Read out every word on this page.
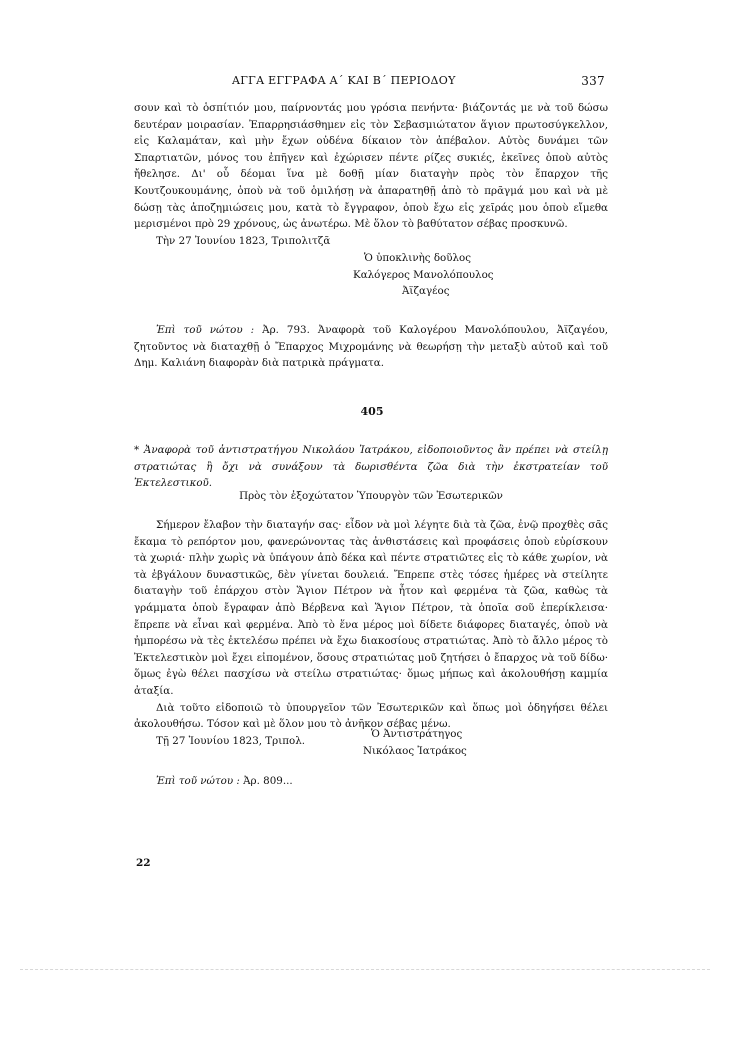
ΑΓΓΑ ΕΓΓΡΑΦΑ Α΄ ΚΑΙ Β΄ ΠΕΡΙΟΔΟΥ	337

σουν καὶ τὸ ὁσπίτιόν μου, παίρνοντάς μου γρόσια πενήντα· βιάζοντάς με νὰ τοῦ δώσω δευτέραν μοιρασίαν. Ἐπαρρησιάσθημεν εἰς τὸν Σεβασμιώτατον ἅγιον πρωτοσύγκελλον, εἰς Καλαμάταν, καὶ μὴν ἔχων οὐδένα δίκαιον τὸν ἀπέβαλον. Αὐτὸς δυνάμει τῶν Σπαρτιατῶν, μόνος του ἐπῆγεν καὶ ἐχώρισεν πέντε ρίζες συκιές, ἐκεῖνες ὁποὺ αὐτὸς ἤθελησε. Δι' οὗ δέομαι ἵνα μὲ δοθῇ μίαν διαταγὴν πρὸς τὸν ἔπαρχον τῆς Κουτζουκουμάνης, ὁποὺ νὰ τοῦ ὁμιλήσῃ νὰ ἀπαρατηθῇ ἀπὸ τὸ πρᾶγμά μου καὶ νὰ μὲ δώσῃ τὰς ἀποζημιώσεις μου, κατὰ τὸ ἔγγραφον, ὁποὺ ἔχω εἰς χεῖράς μου ὁποὺ εἴμεθα μερισμένοι πρὸ 29 χρόνους, ὡς ἀνωτέρω. Μὲ ὅλον τὸ βαθύτατον σέβας προσκυνῶ.

Τὴν 27 Ἰουνίου 1823, Τριπολιτζᾶ

Ὁ ὑποκλινὴς δοῦλος
Καλόγερος Μανολόπουλος
Ἀϊζαγέος

Ἐπὶ τοῦ νώτου : Ἀρ. 793. Ἀναφορὰ τοῦ Καλογέρου Μανολόπουλου, Ἀϊζαγέου, ζητοῦντος νὰ διαταχθῇ ὁ Ἔπαρχος Μιχρομάνης νὰ θεωρήσῃ τὴν μεταξὺ αὐτοῦ καὶ τοῦ Δημ. Καλιάνη διαφορὰν διὰ πατρικὰ πράγματα.

405

* Ἀναφορὰ τοῦ ἀντιστρατήγου Νικολάου Ἰατράκου, εἰδοποιοῦντος ἂν πρέπει νὰ στείλῃ στρατιώτας ἢ ὄχι νὰ συνάξουν τὰ δωρισθέντα ζῶα διὰ τὴν ἐκστρατείαν τοῦ Ἐκτελεστικοῦ.

Πρὸς τὸν ἐξοχώτατον Ὑπουργὸν τῶν Ἐσωτερικῶν

Σήμερον ἔλαβον τὴν διαταγήν σας· εἶδον νὰ μοὶ λέγητε διὰ τὰ ζῶα, ἐνῷ προχθὲς σᾶς ἔκαμα τὸ ρεπόρτον μου, φανερώνοντας τὰς ἀνθιστάσεις καὶ προφάσεις ὁποὺ εὑρίσκουν τὰ χωριά· πλὴν χωρὶς νὰ ὑπάγουν ἀπὸ δέκα καὶ πέντε στρατιῶτες εἰς τὸ κάθε χωρίον, νὰ τὰ ἐβγάλουν δυναστικῶς, δὲν γίνεται δουλειά. Ἔπρεπε στὲς τόσες ἡμέρες νὰ στείλητε διαταγὴν τοῦ ἐπάρχου στὸν Ἅγιον Πέτρον νὰ ἦτον καὶ φερμένα τὰ ζῶα, καθὼς τὰ γράμματα ὁποὺ ἔγραφαν ἀπὸ Βέρβενα καὶ Ἅγιον Πέτρον, τὰ ὁποῖα σοῦ ἐπερίκλεισα· ἔπρεπε νὰ εἶναι καὶ φερμένα. Ἀπὸ τὸ ἕνα μέρος μοὶ δίδετε διάφορες διαταγές, ὁποὺ νὰ ἠμπορέσω νὰ τὲς ἐκτελέσω πρέπει νὰ ἔχω διακοσίους στρατιώτας. Ἀπὸ τὸ ἄλλο μέρος τὸ Ἐκτελεστικὸν μοὶ ἔχει εἰπομένον, ὅσους στρατιώτας μοῦ ζητήσει ὁ ἔπαρχος νὰ τοῦ δίδω· ὅμως ἐγὼ θέλει πασχίσω νὰ στείλω στρατιώτας· ὅμως μήπως καὶ ἀκολουθήσῃ καμμία ἀταξία.

Διὰ τοῦτο εἰδοποιῶ τὸ ὑπουργεῖον τῶν Ἐσωτερικῶν καὶ ὅπως μοὶ ὁδηγήσει θέλει ἀκολουθήσω. Τόσον καὶ μὲ ὅλον μου τὸ ἀνῆκον σέβας μένω.

Τῇ 27 Ἰουνίου 1823, Τριπολ.

Ὁ Ἀντιστράτηγος
Νικόλαος Ἰατράκος

Ἐπὶ τοῦ νώτου : Ἀρ. 809...

22
